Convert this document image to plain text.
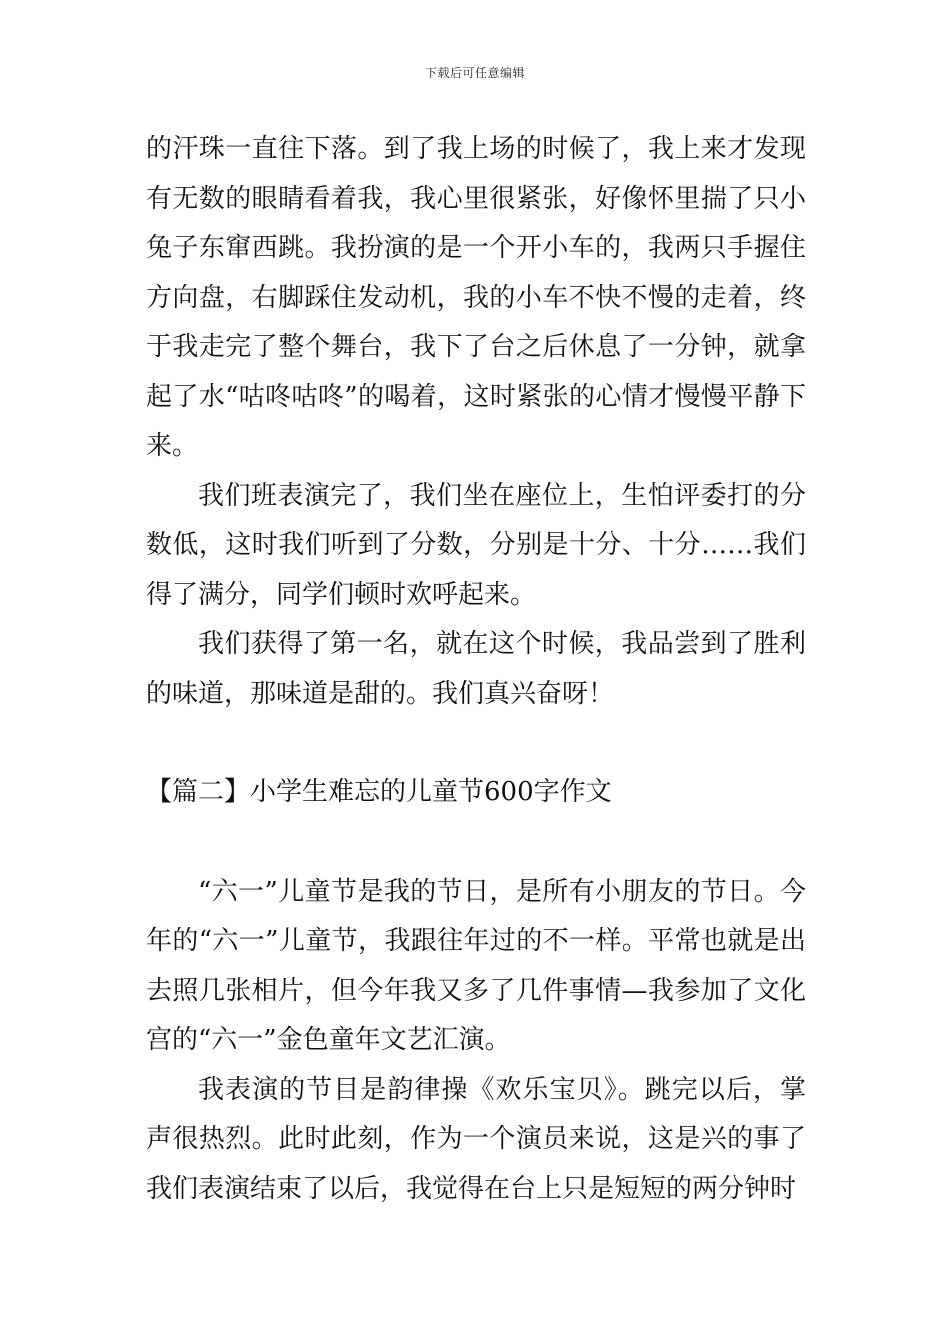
下载后可任意编辑

的汗珠一直往下落。到了我上场的时候了，我上来才发现有无数的眼睛看着我，我心里很紧张，好像怀里揣了只小兔子东窜西跳。我扮演的是一个开小车的，我两只手握住方向盘，右脚踩住发动机，我的小车不快不慢的走着，终于我走完了整个舞台，我下了台之后休息了一分钟，就拿起了水“咕咚咕咚”的喝着，这时紧张的心情才慢慢平静下来。

我们班表演完了，我们坐在座位上，生怕评委打的分数低，这时我们听到了分数，分别是十分、十分……我们得了满分，同学们顿时欢呼起来。

我们获得了第一名，就在这个时候，我品尝到了胜利的味道，那味道是甜的。我们真兴奋呀！

【篇二】小学生难忘的儿童节600字作文

“六一”儿童节是我的节日，是所有小朋友的节日。今年的“六一”儿童节，我跟往年过的不一样。平常也就是出去照几张相片，但今年我又多了几件事情—我参加了文化宫的“六一”金色童年文艺汇演。

我表演的节目是韵律操《欢乐宝贝》。跳完以后，掌声很热烈。此时此刻，作为一个演员来说，这是兴的事了我们表演结束了以后，我觉得在台上只是短短的两分钟时
